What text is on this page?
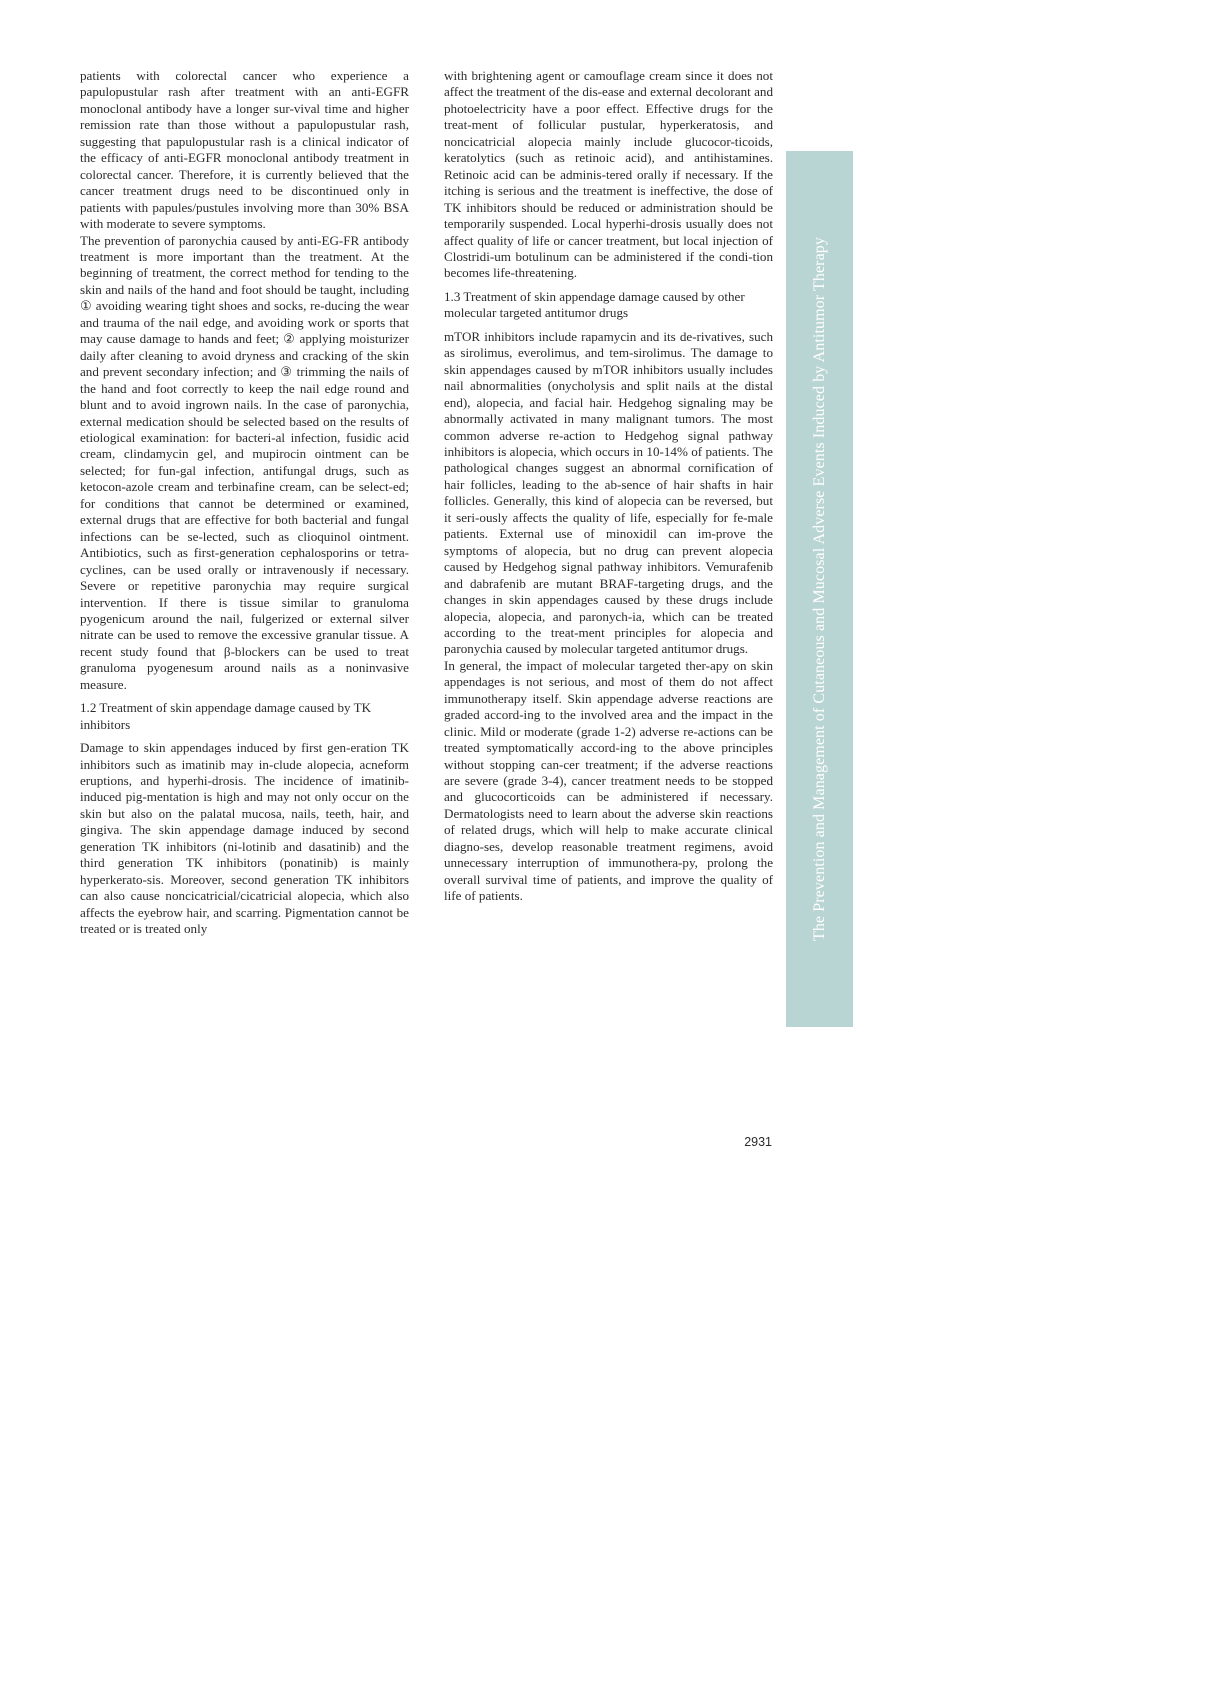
patients with colorectal cancer who experience a papulopustular rash after treatment with an anti-EGFR monoclonal antibody have a longer sur-vival time and higher remission rate than those without a papulopustular rash, suggesting that papulopustular rash is a clinical indicator of the efficacy of anti-EGFR monoclonal antibody treatment in colorectal cancer. Therefore, it is currently believed that the cancer treatment drugs need to be discontinued only in patients with papules/pustules involving more than 30% BSA with moderate to severe symptoms.

The prevention of paronychia caused by anti-EG-FR antibody treatment is more important than the treatment. At the beginning of treatment, the correct method for tending to the skin and nails of the hand and foot should be taught, including ① avoiding wearing tight shoes and socks, re-ducing the wear and trauma of the nail edge, and avoiding work or sports that may cause damage to hands and feet; ② applying moisturizer daily after cleaning to avoid dryness and cracking of the skin and prevent secondary infection; and ③ trimming the nails of the hand and foot correctly to keep the nail edge round and blunt and to avoid ingrown nails. In the case of paronychia, external medication should be selected based on the results of etiological examination: for bacteri-al infection, fusidic acid cream, clindamycin gel, and mupirocin ointment can be selected; for fun-gal infection, antifungal drugs, such as ketocon-azole cream and terbinafine cream, can be select-ed; for conditions that cannot be determined or examined, external drugs that are effective for both bacterial and fungal infections can be se-lected, such as clioquinol ointment. Antibiotics, such as first-generation cephalosporins or tetra-cyclines, can be used orally or intravenously if necessary. Severe or repetitive paronychia may require surgical intervention. If there is tissue similar to granuloma pyogenicum around the nail, fulgerized or external silver nitrate can be used to remove the excessive granular tissue. A recent study found that β-blockers can be used to treat granuloma pyogenesum around nails as a noninvasive measure.

1.2 Treatment of skin appendage damage caused by TK inhibitors

Damage to skin appendages induced by first gen-eration TK inhibitors such as imatinib may in-clude alopecia, acneform eruptions, and hyperhi-drosis. The incidence of imatinib-induced pig-mentation is high and may not only occur on the skin but also on the palatal mucosa, nails, teeth, hair, and gingiva. The skin appendage damage induced by second generation TK inhibitors (ni-lotinib and dasatinib) and the third generation TK inhibitors (ponatinib) is mainly hyperkerato-sis. Moreover, second generation TK inhibitors can also cause noncicatricial/cicatricial alopecia, which also affects the eyebrow hair, and scarring. Pigmentation cannot be treated or is treated only

with brightening agent or camouflage cream since it does not affect the treatment of the dis-ease and external decolorant and photoelectricity have a poor effect. Effective drugs for the treat-ment of follicular pustular, hyperkeratosis, and noncicatricial alopecia mainly include glucocor-ticoids, keratolytics (such as retinoic acid), and antihistamines. Retinoic acid can be adminis-tered orally if necessary. If the itching is serious and the treatment is ineffective, the dose of TK inhibitors should be reduced or administration should be temporarily suspended. Local hyperhi-drosis usually does not affect quality of life or cancer treatment, but local injection of Clostridi-um botulinum can be administered if the condi-tion becomes life-threatening.

1.3 Treatment of skin appendage damage caused by other molecular targeted antitumor drugs

mTOR inhibitors include rapamycin and its de-rivatives, such as sirolimus, everolimus, and tem-sirolimus. The damage to skin appendages caused by mTOR inhibitors usually includes nail abnormalities (onycholysis and split nails at the distal end), alopecia, and facial hair. Hedgehog signaling may be abnormally activated in many malignant tumors. The most common adverse re-action to Hedgehog signal pathway inhibitors is alopecia, which occurs in 10-14% of patients. The pathological changes suggest an abnormal cornification of hair follicles, leading to the ab-sence of hair shafts in hair follicles. Generally, this kind of alopecia can be reversed, but it seri-ously affects the quality of life, especially for fe-male patients. External use of minoxidil can im-prove the symptoms of alopecia, but no drug can prevent alopecia caused by Hedgehog signal pathway inhibitors. Vemurafenib and dabrafenib are mutant BRAF-targeting drugs, and the changes in skin appendages caused by these drugs include alopecia, alopecia, and paronych-ia, which can be treated according to the treat-ment principles for alopecia and paronychia caused by molecular targeted antitumor drugs.

In general, the impact of molecular targeted ther-apy on skin appendages is not serious, and most of them do not affect immunotherapy itself. Skin appendage adverse reactions are graded accord-ing to the involved area and the impact in the clinic. Mild or moderate (grade 1-2) adverse re-actions can be treated symptomatically accord-ing to the above principles without stopping can-cer treatment; if the adverse reactions are severe (grade 3-4), cancer treatment needs to be stopped and glucocorticoids can be administered if necessary. Dermatologists need to learn about the adverse skin reactions of related drugs, which will help to make accurate clinical diagno-ses, develop reasonable treatment regimens, avoid unnecessary interruption of immunothera-py, prolong the overall survival time of patients, and improve the quality of life of patients.	The Prevention and Management of Cutaneous and Mucosal Adverse Events Induced by Antitumor Therapy
2931
